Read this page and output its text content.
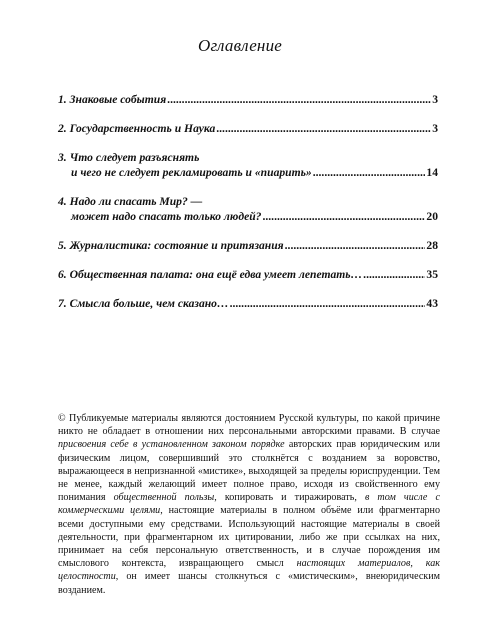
Оглавление
1. Знаковые события .....	3
2. Государственность и Наука .....	3
3. Что следует разъяснять
и чего не следует рекламировать и «пиарить» .....	14
4. Надо ли спасать Мир? —
может надо спасать только людей? .....	20
5. Журналистика: состояние и притязания .....	28
6. Общественная палата: она ещё едва умеет лепетать… .....	35
7. Смысла больше, чем сказано… .....	43
© Публикуемые материалы являются достоянием Русской культуры, по какой причине никто не обладает в отношении них персональными авторскими правами. В случае присвоения себе в установленном законом порядке авторских прав юридическим или физическим лицом, совершивший это столкнётся с возданием за воровство, выражающееся в непризнанной «мистике», выходящей за пределы юриспруденции. Тем не менее, каждый желающий имеет полное право, исходя из свойственного ему понимания общественной пользы, копировать и тиражировать, в том числе с коммерческими целями, настоящие материалы в полном объёме или фрагментарно всеми доступными ему средствами. Использующий настоящие материалы в своей деятельности, при фрагментарном их цитировании, либо же при ссылках на них, принимает на себя персональную ответственность, и в случае порождения им смыслового контекста, извращающего смысл настоящих материалов, как целостности, он имеет шансы столкнуться с «мистическим», внеюридическим возданием.
